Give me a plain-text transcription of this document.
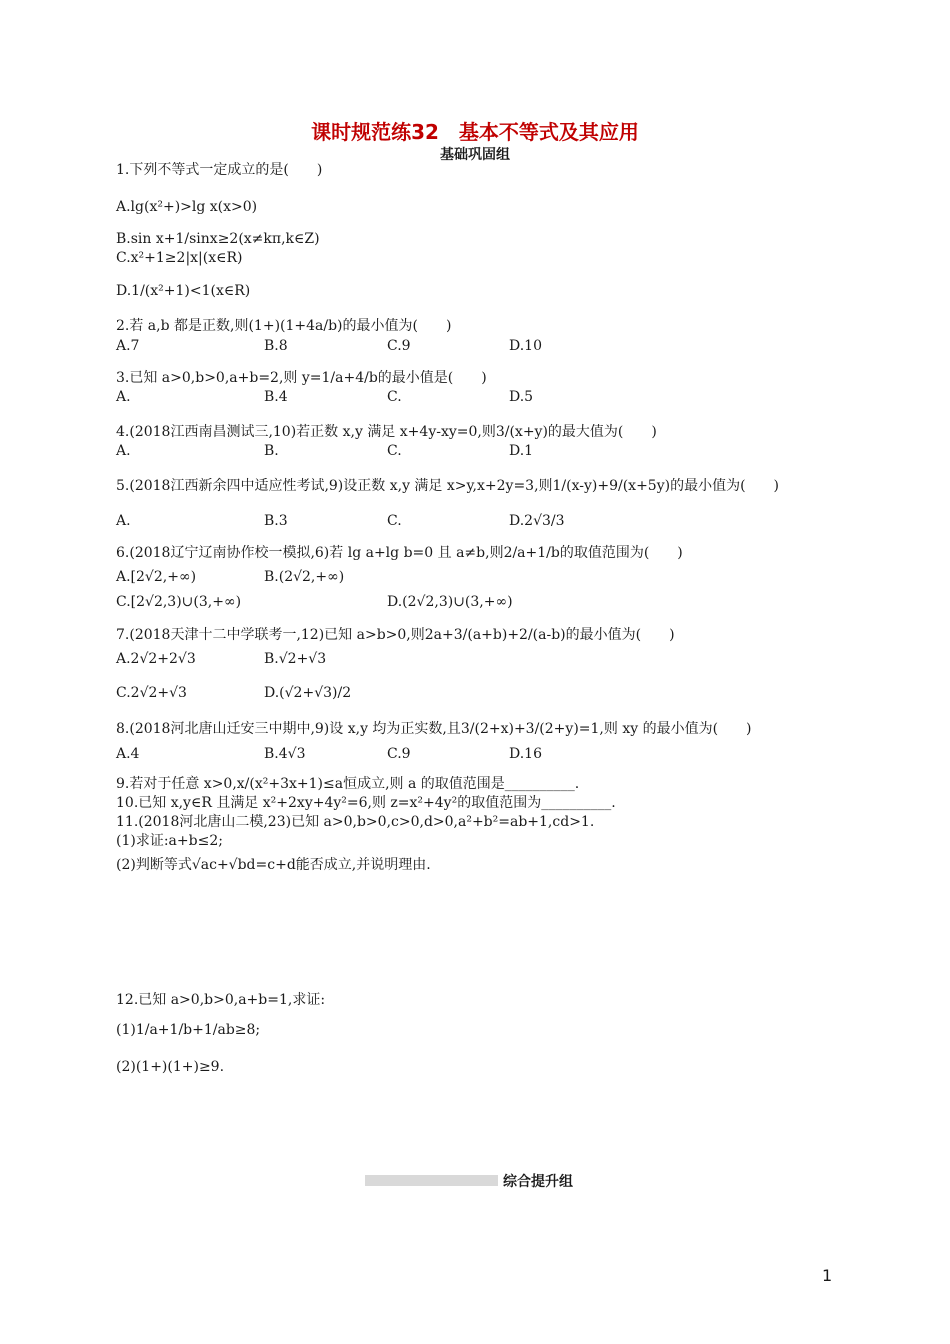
课时规范练32　基本不等式及其应用
基础巩固组
1.下列不等式一定成立的是(　　)
A.lg(x²+)>lg x(x>0)
B.sin x+1/sinx≥2(x≠kπ,k∈Z)
C.x²+1≥2|x|(x∈R)
D.1/(x²+1)<1(x∈R)
2.若 a,b 都是正数,则(1+)(1+4a/b)的最小值为(　　)
A.7	B.8	C.9	D.10
3.已知 a>0,b>0,a+b=2,则 y=1/a+4/b的最小值是(　　)
A.	B.4	C.	D.5
4.(2018江西南昌测试三,10)若正数 x,y 满足 x+4y-xy=0,则3/(x+y)的最大值为(　　)
A.	B.	C.	D.1
5.(2018江西新余四中适应性考试,9)设正数 x,y 满足 x>y,x+2y=3,则1/(x-y)+9/(x+5y)的最小值为(　　)
A.	B.3	C.	D.2√3/3
6.(2018辽宁辽南协作校一模拟,6)若 lg a+lg b=0 且 a≠b,则2/a+1/b的取值范围为(　　)
A.[2√2,+∞)	B.(2√2,+∞)
C.[2√2,3)∪(3,+∞)	D.(2√2,3)∪(3,+∞)
7.(2018天津十二中学联考一,12)已知 a>b>0,则2a+3/(a+b)+2/(a-b)的最小值为(　　)
A.2√2+2√3	B.√2+√3
C.2√2+√3	D.(√2+√3)/2
8.(2018河北唐山迁安三中期中,9)设 x,y 均为正实数,且3/(2+x)+3/(2+y)=1,则 xy 的最小值为(　　)
A.4	B.4√3	C.9	D.16
9.若对于任意 x>0,x/(x²+3x+1)≤a恒成立,则 a 的取值范围是__________.
10.已知 x,y∈R 且满足 x²+2xy+4y²=6,则 z=x²+4y²的取值范围为__________.
11.(2018河北唐山二模,23)已知 a>0,b>0,c>0,d>0,a²+b²=ab+1,cd>1.
(1)求证:a+b≤2;
(2)判断等式√ac+√bd=c+d能否成立,并说明理由.
12.已知 a>0,b>0,a+b=1,求证:
(1)1/a+1/b+1/ab≥8;
(2)(1+)(1+)≥9.
综合提升组
1
